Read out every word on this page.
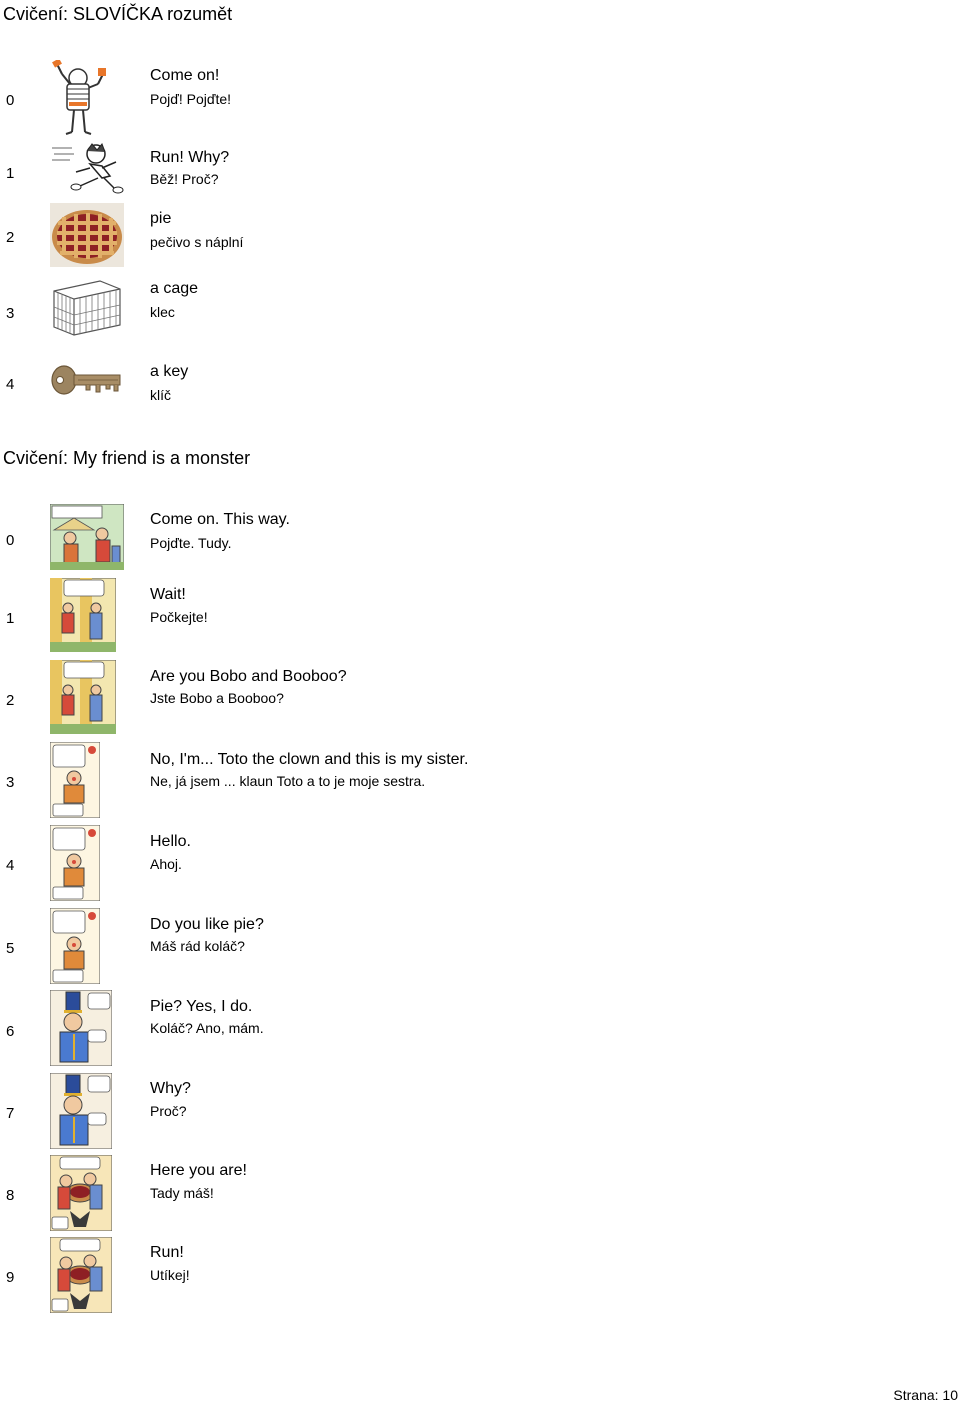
Cvičení: SLOVÍČKA rozumět
0
Come on!
Pojď! Pojďte!
1
Run! Why?
Běž! Proč?
2
pie
pečivo s náplní
3
a cage
klec
4
a key
klíč
Cvičení: My friend is a monster
0
Come on. This way.
Pojďte. Tudy.
1
Wait!
Počkejte!
2
Are you Bobo and Booboo?
Jste Bobo a Booboo?
3
No, I'm... Toto the clown and this is my sister.
Ne, já jsem ... klaun Toto a to je moje sestra.
4
Hello.
Ahoj.
5
Do you like pie?
Máš rád koláč?
6
Pie? Yes, I do.
Koláč? Ano, mám.
7
Why?
Proč?
8
Here you are!
Tady máš!
9
Run!
Utíkej!
Strana: 10
